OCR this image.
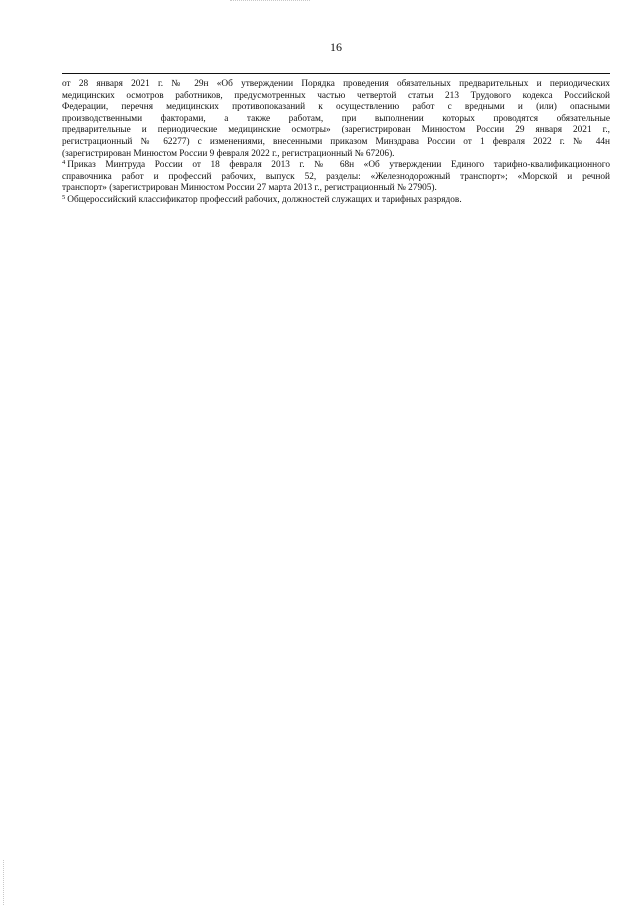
16
от 28 января 2021 г. № 29н «Об утверждении Порядка проведения обязательных предварительных и периодических
медицинских осмотров работников, предусмотренных частью четвертой статьи 213 Трудового кодекса Российской
Федерации, перечня медицинских противопоказаний к осуществлению работ с вредными и (или) опасными
производственными факторами, а также работам, при выполнении которых проводятся обязательные
предварительные и периодические медицинские осмотры» (зарегистрирован Минюстом России 29 января 2021 г.,
регистрационный № 62277) с изменениями, внесенными приказом Минздрава России от 1 февраля 2022 г. № 44н
(зарегистрирован Минюстом России 9 февраля 2022 г., регистрационный № 67206).
$^4$ Приказ Минтруда России от 18 февраля 2013 г. № 68н «Об утверждении Единого тарифно-квалификационного
справочника работ и профессий рабочих, выпуск 52, разделы: «Железнодорожный транспорт»; «Морской и речной
транспорт» (зарегистрирован Минюстом России 27 марта 2013 г., регистрационный № 27905).
$^5$ Общероссийский классификатор профессий рабочих, должностей служащих и тарифных разрядов.
